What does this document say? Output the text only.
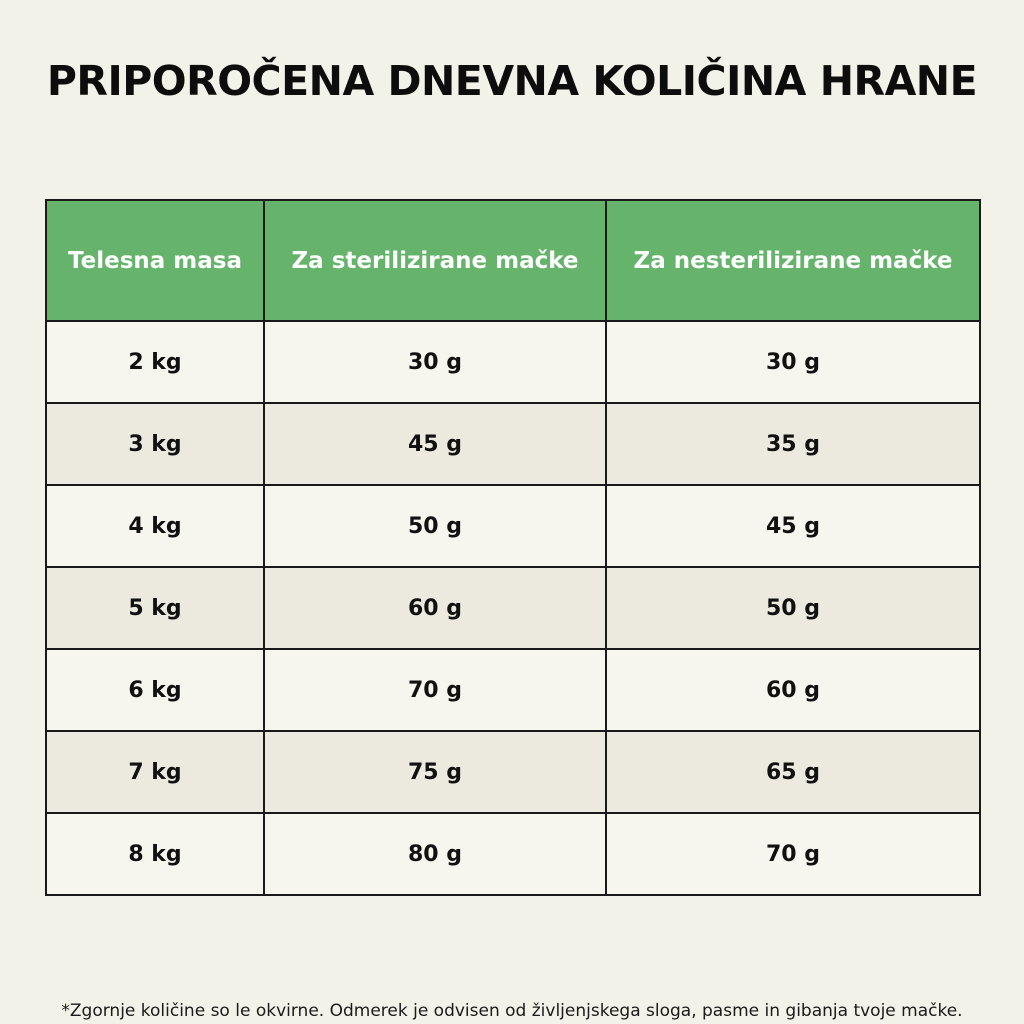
PRIPOROČENA DNEVNA KOLIČINA HRANE
Telesna masa	Za sterilizirane mačke	Za nesterilizirane mačke
2 kg	30 g	30 g
3 kg	45 g	35 g
4 kg	50 g	45 g
5 kg	60 g	50 g
6 kg	70 g	60 g
7 kg	75 g	65 g
8 kg	80 g	70 g

*Zgornje količine so le okvirne. Odmerek je odvisen od življenjskega sloga, pasme in gibanja tvoje mačke.
